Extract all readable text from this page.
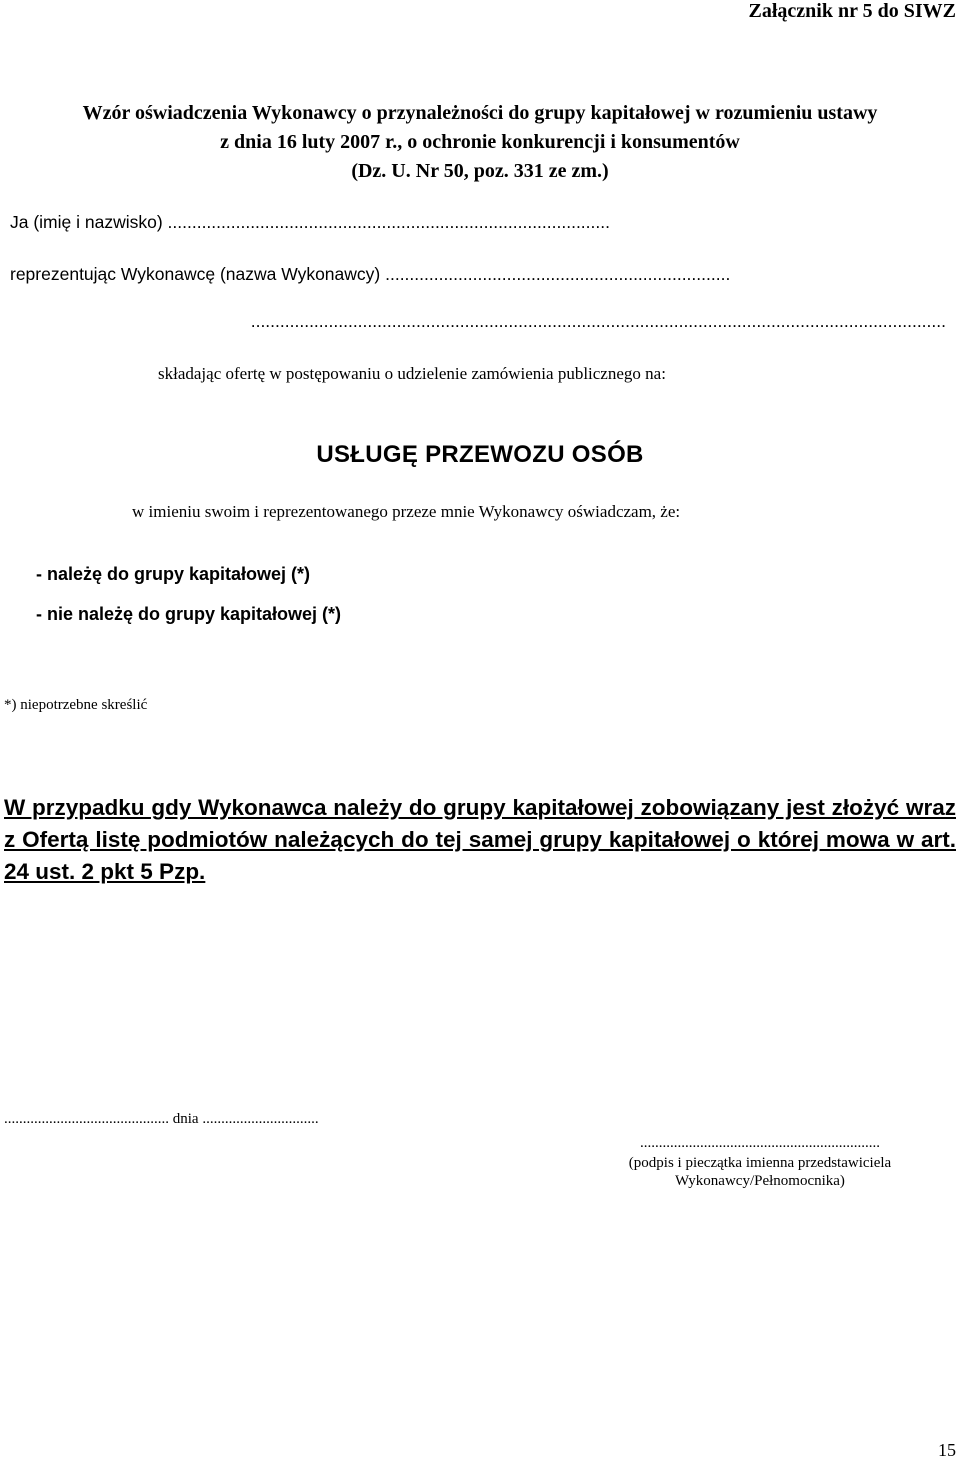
Załącznik nr 5 do SIWZ
Wzór oświadczenia Wykonawcy o przynależności do grupy kapitałowej w rozumieniu ustawy
z dnia 16 luty 2007 r., o ochronie konkurencji i konsumentów
(Dz. U. Nr 50, poz. 331 ze zm.)
Ja (imię i nazwisko) ...........................................................................................
reprezentując Wykonawcę (nazwa Wykonawcy) .......................................................................
...............................................................................................................................................
składając ofertę w postępowaniu o udzielenie zamówienia publicznego na:
USŁUGĘ PRZEWOZU OSÓB
w imieniu swoim i reprezentowanego przeze mnie Wykonawcy oświadczam, że:
- należę do grupy kapitałowej (*)
- nie należę do grupy kapitałowej (*)
*) niepotrzebne skreślić
W przypadku gdy Wykonawca należy do grupy kapitałowej zobowiązany jest złożyć wraz z Ofertą listę podmiotów należących do tej samej grupy kapitałowej o której mowa w art. 24 ust. 2 pkt 5 Pzp.
............................................ dnia ...............................
................................................................
(podpis i pieczątka imienna przedstawiciela
Wykonawcy/Pełnomocnika)
15
